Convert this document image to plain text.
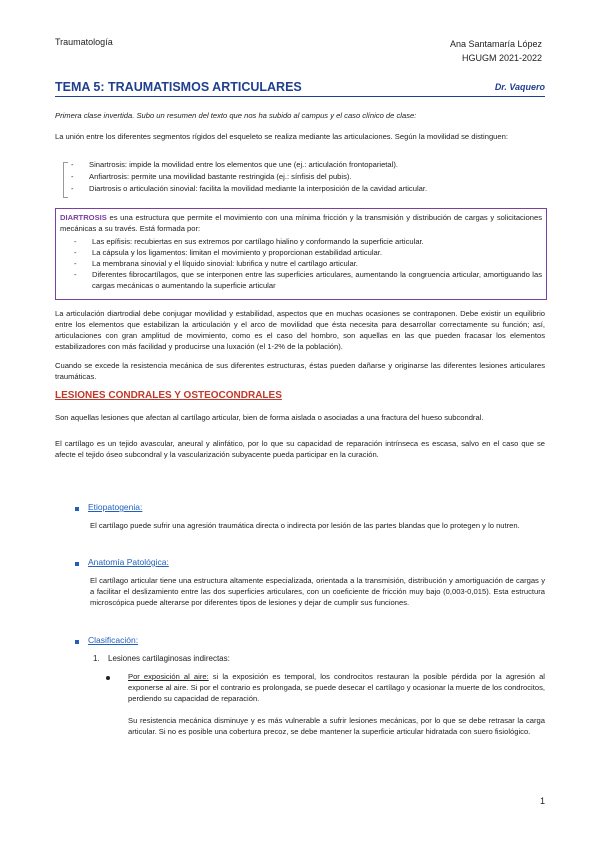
Traumatología	Ana Santamaría López
HGUGM 2021-2022
TEMA 5: TRAUMATISMOS ARTICULARES	Dr. Vaquero
Primera clase invertida. Subo un resumen del texto que nos ha subido al campus y el caso clínico de clase:
La unión entre los diferentes segmentos rígidos del esqueleto se realiza mediante las articulaciones. Según la movilidad se distinguen:
- Sinartrosis: impide la movilidad entre los elementos que une (ej.: articulación frontoparietal).
- Anfiartrosis: permite una movilidad bastante restringida (ej.: sínfisis del pubis).
- Diartrosis o articulación sinovial: facilita la movilidad mediante la interposición de la cavidad articular.
DIARTROSIS es una estructura que permite el movimiento con una mínima fricción y la transmisión y distribución de cargas y solicitaciones mecánicas a su través. Está formada por:
- Las epífisis: recubiertas en sus extremos por cartílago hialino y conformando la superficie articular.
- La cápsula y los ligamentos: limitan el movimiento y proporcionan estabilidad articular.
- La membrana sinovial y el líquido sinovial: lubrifica y nutre el cartílago articular.
- Diferentes fibrocartílagos, que se interponen entre las superficies articulares, aumentando la congruencia articular, amortiguando las cargas mecánicas o aumentando la superficie articular
La articulación diartrodial debe conjugar movilidad y estabilidad, aspectos que en muchas ocasiones se contraponen. Debe existir un equilibrio entre los elementos que estabilizan la articulación y el arco de movilidad que ésta necesita para desarrollar correctamente su función; así, articulaciones con gran amplitud de movimiento, como es el caso del hombro, son aquellas en las que pueden fracasar los elementos estabilizadores con más facilidad y producirse una luxación (el 1-2% de la población).
Cuando se excede la resistencia mecánica de sus diferentes estructuras, éstas pueden dañarse y originarse las diferentes lesiones articulares traumáticas.
LESIONES CONDRALES Y OSTEOCONDRALES
Son aquellas lesiones que afectan al cartílago articular, bien de forma aislada o asociadas a una fractura del hueso subcondral.
El cartílago es un tejido avascular, aneural y alinfático, por lo que su capacidad de reparación intrínseca es escasa, salvo en el caso que se afecte el tejido óseo subcondral y la vascularización subyacente pueda participar en la curación.
Etiopatogenia:
El cartílago puede sufrir una agresión traumática directa o indirecta por lesión de las partes blandas que lo protegen y lo nutren.
Anatomía Patológica:
El cartílago articular tiene una estructura altamente especializada, orientada a la transmisión, distribución y amortiguación de cargas y a facilitar el deslizamiento entre las dos superficies articulares, con un coeficiente de fricción muy bajo (0,003-0,015). Esta estructura microscópica puede alterarse por diferentes tipos de lesiones y dejar de cumplir sus funciones.
Clasificación:
1. Lesiones cartilaginosas indirectas:
Por exposición al aire: si la exposición es temporal, los condrocitos restauran la posible pérdida por la agresión al exponerse al aire. Si por el contrario es prolongada, se puede desecar el cartílago y ocasionar la muerte de los condrocitos, perdiendo su capacidad de reparación.
Su resistencia mecánica disminuye y es más vulnerable a sufrir lesiones mecánicas, por lo que se debe retrasar la carga articular. Si no es posible una cobertura precoz, se debe mantener la superficie articular hidratada con suero fisiológico.
1
